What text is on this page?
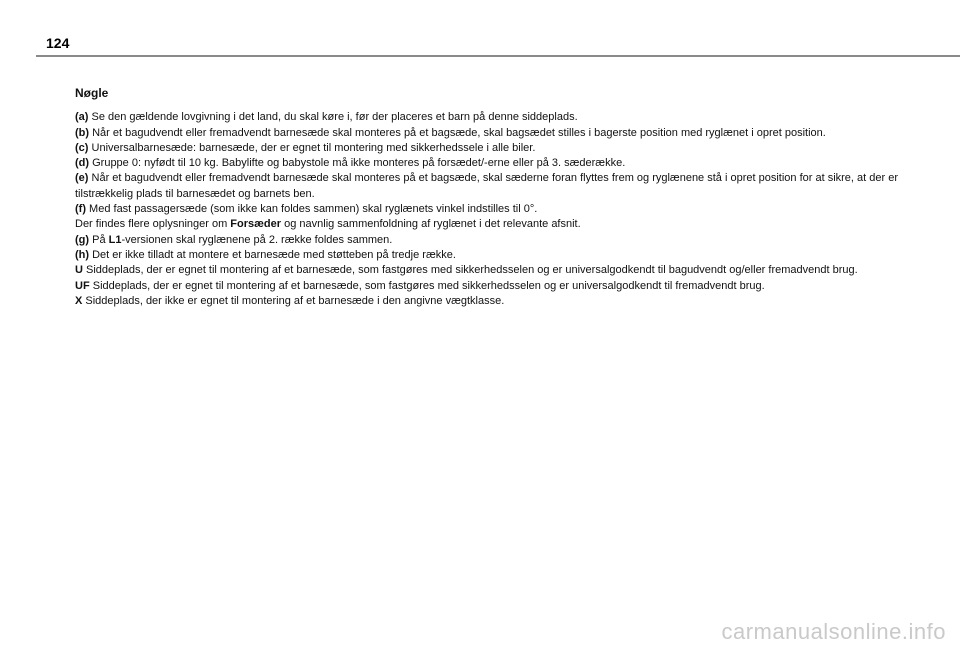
124
Nøgle

(a) Se den gældende lovgivning i det land, du skal køre i, før der placeres et barn på denne siddeplads.

(b) Når et bagudvendt eller fremadvendt barnesæde skal monteres på et bagsæde, skal bagsædet stilles i bagerste position med ryglænet i opret position.

(c) Universalbarnesæde: barnesæde, der er egnet til montering med sikkerhedssele i alle biler.

(d) Gruppe 0: nyfødt til 10 kg. Babylifte og babystole må ikke monteres på forsædet/-erne eller på 3. sæderække.

(e) Når et bagudvendt eller fremadvendt barnesæde skal monteres på et bagsæde, skal sæderne foran flyttes frem og ryglænene stå i opret position for at sikre, at der er tilstrækkelig plads til barnesædet og barnets ben.

(f) Med fast passagersæde (som ikke kan foldes sammen) skal ryglænets vinkel indstilles til 0°.

Der findes flere oplysninger om Forsæder og navnlig sammenfoldning af ryglænet i det relevante afsnit.

(g) På L1-versionen skal ryglænene på 2. række foldes sammen.

(h) Det er ikke tilladt at montere et barnesæde med støtteben på tredje række.

U Siddeplads, der er egnet til montering af et barnesæde, som fastgøres med sikkerhedsselen og er universalgodkendt til bagudvendt og/eller fremadvendt brug.

UF Siddeplads, der er egnet til montering af et barnesæde, som fastgøres med sikkerhedsselen og er universalgodkendt til fremadvendt brug.

X Siddeplads, der ikke er egnet til montering af et barnesæde i den angivne vægtklasse.

carmanualsonline.info
